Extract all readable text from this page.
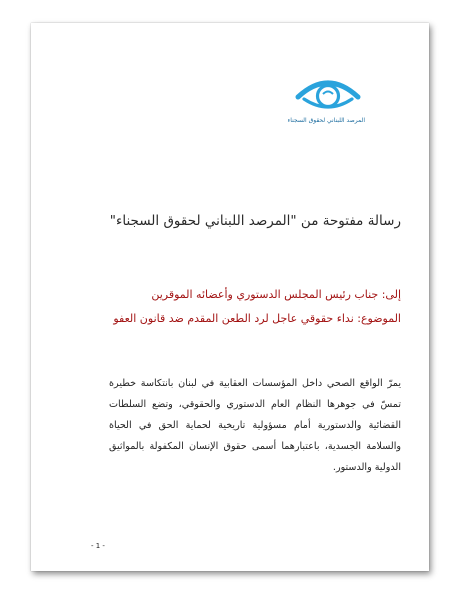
المرصد اللبناني لحقوق السجناء
رسالة مفتوحة من "المرصد اللبناني لحقوق السجناء"
إلى: جناب رئيس المجلس الدستوري وأعضائه الموقرين
الموضوع: نداء حقوقي عاجل لرد الطعن المقدم ضد قانون العفو

يمرّ الواقع الصحي داخل المؤسسات العقابية في لبنان بانتكاسة خطيرة تمسّ في جوهرها النظام العام الدستوري والحقوقي، وتضع السلطات القضائية والدستورية أمام مسؤولية تاريخية لحماية الحق في الحياة والسلامة الجسدية، باعتبارهما أسمى حقوق الإنسان المكفولة بالمواثيق الدولية والدستور.

- 1 -
